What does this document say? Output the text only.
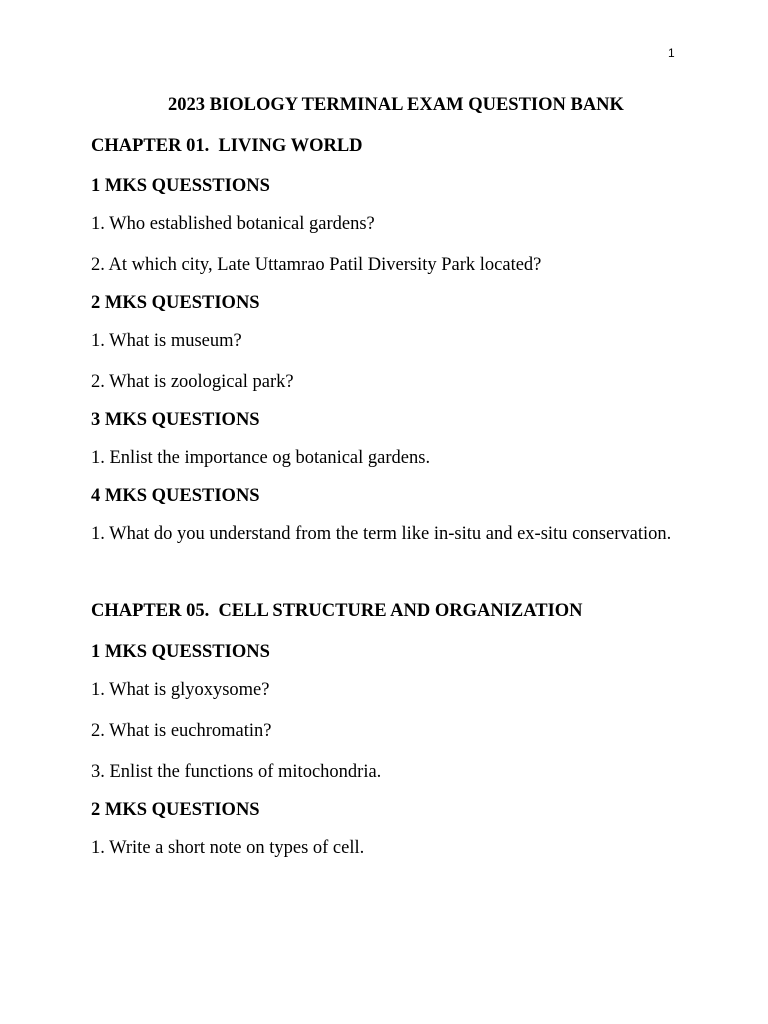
1
2023 BIOLOGY TERMINAL EXAM QUESTION BANK
CHAPTER 01.  LIVING WORLD
1 MKS QUESSTIONS
1. Who established botanical gardens?
2. At which city, Late Uttamrao Patil Diversity Park located?
2 MKS QUESTIONS
1. What is museum?
2. What is zoological park?
3 MKS QUESTIONS
1. Enlist the importance og botanical gardens.
4 MKS QUESTIONS
1. What do you understand from the term like in-situ and ex-situ conservation.
CHAPTER 05.  CELL STRUCTURE AND ORGANIZATION
1 MKS QUESSTIONS
1. What is glyoxysome?
2. What is euchromatin?
3. Enlist the functions of mitochondria.
2 MKS QUESTIONS
1. Write a short note on types of cell.
